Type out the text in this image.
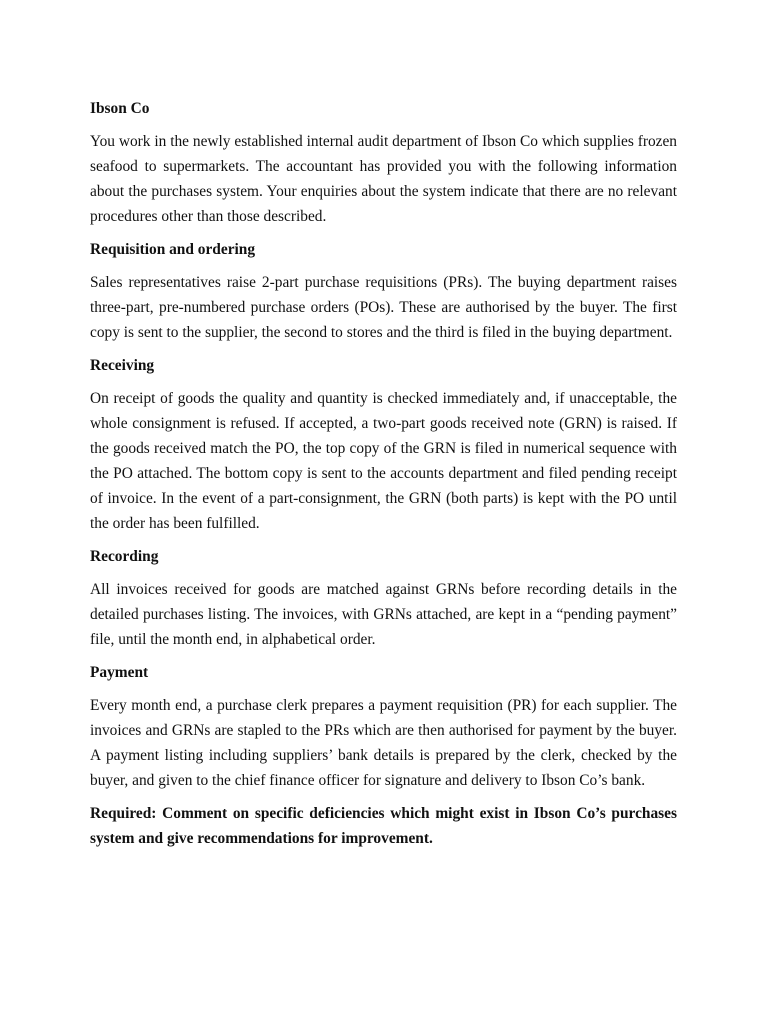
Ibson Co
You work in the newly established internal audit department of Ibson Co which supplies frozen seafood to supermarkets. The accountant has provided you with the following information about the purchases system. Your enquiries about the system indicate that there are no relevant procedures other than those described.
Requisition and ordering
Sales representatives raise 2-part purchase requisitions (PRs). The buying department raises three-part, pre-numbered purchase orders (POs). These are authorised by the buyer. The first copy is sent to the supplier, the second to stores and the third is filed in the buying department.
Receiving
On receipt of goods the quality and quantity is checked immediately and, if unacceptable, the whole consignment is refused. If accepted, a two-part goods received note (GRN) is raised. If the goods received match the PO, the top copy of the GRN is filed in numerical sequence with the PO attached. The bottom copy is sent to the accounts department and filed pending receipt of invoice. In the event of a part-consignment, the GRN (both parts) is kept with the PO until the order has been fulfilled.
Recording
All invoices received for goods are matched against GRNs before recording details in the detailed purchases listing. The invoices, with GRNs attached, are kept in a “pending payment” file, until the month end, in alphabetical order.
Payment
Every month end, a purchase clerk prepares a payment requisition (PR) for each supplier. The invoices and GRNs are stapled to the PRs which are then authorised for payment by the buyer. A payment listing including suppliers’ bank details is prepared by the clerk, checked by the buyer, and given to the chief finance officer for signature and delivery to Ibson Co’s bank.
Required: Comment on specific deficiencies which might exist in Ibson Co’s purchases system and give recommendations for improvement.
